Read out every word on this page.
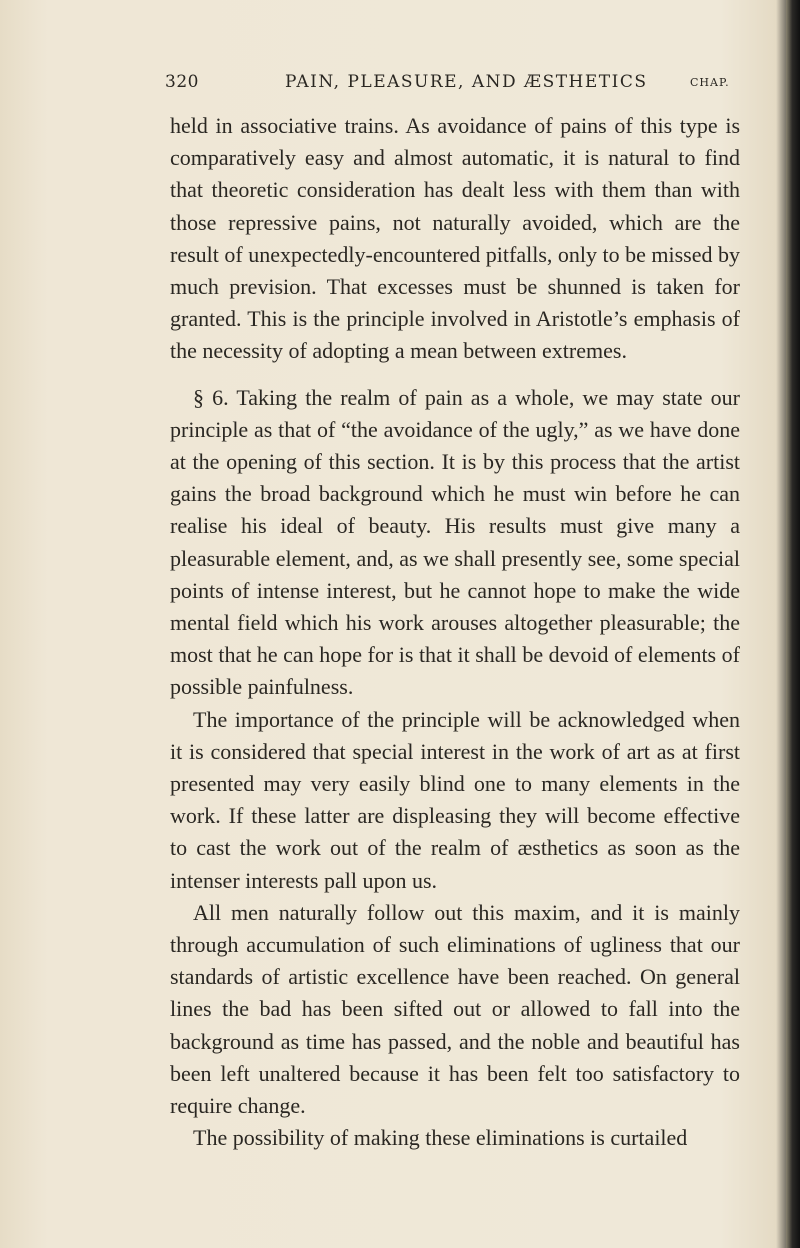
320	PAIN, PLEASURE, AND ÆSTHETICS	CHAP.

held in associative trains. As avoidance of pains of this type is comparatively easy and almost automatic, it is natural to find that theoretic consideration has dealt less with them than with those repressive pains, not naturally avoided, which are the result of unexpectedly-encountered pitfalls, only to be missed by much prevision. That excesses must be shunned is taken for granted. This is the principle involved in Aristotle’s emphasis of the necessity of adopting a mean between extremes.

§ 6. Taking the realm of pain as a whole, we may state our principle as that of “the avoidance of the ugly,” as we have done at the opening of this section. It is by this process that the artist gains the broad background which he must win before he can realise his ideal of beauty. His results must give many a pleasurable element, and, as we shall presently see, some special points of intense interest, but he cannot hope to make the wide mental field which his work arouses altogether pleasurable; the most that he can hope for is that it shall be devoid of elements of possible painfulness.

The importance of the principle will be acknowledged when it is considered that special interest in the work of art as at first presented may very easily blind one to many elements in the work. If these latter are displeasing they will become effective to cast the work out of the realm of æsthetics as soon as the intenser interests pall upon us.

All men naturally follow out this maxim, and it is mainly through accumulation of such eliminations of ugliness that our standards of artistic excellence have been reached. On general lines the bad has been sifted out or allowed to fall into the background as time has passed, and the noble and beautiful has been left unaltered because it has been felt too satisfactory to require change.

The possibility of making these eliminations is curtailed
